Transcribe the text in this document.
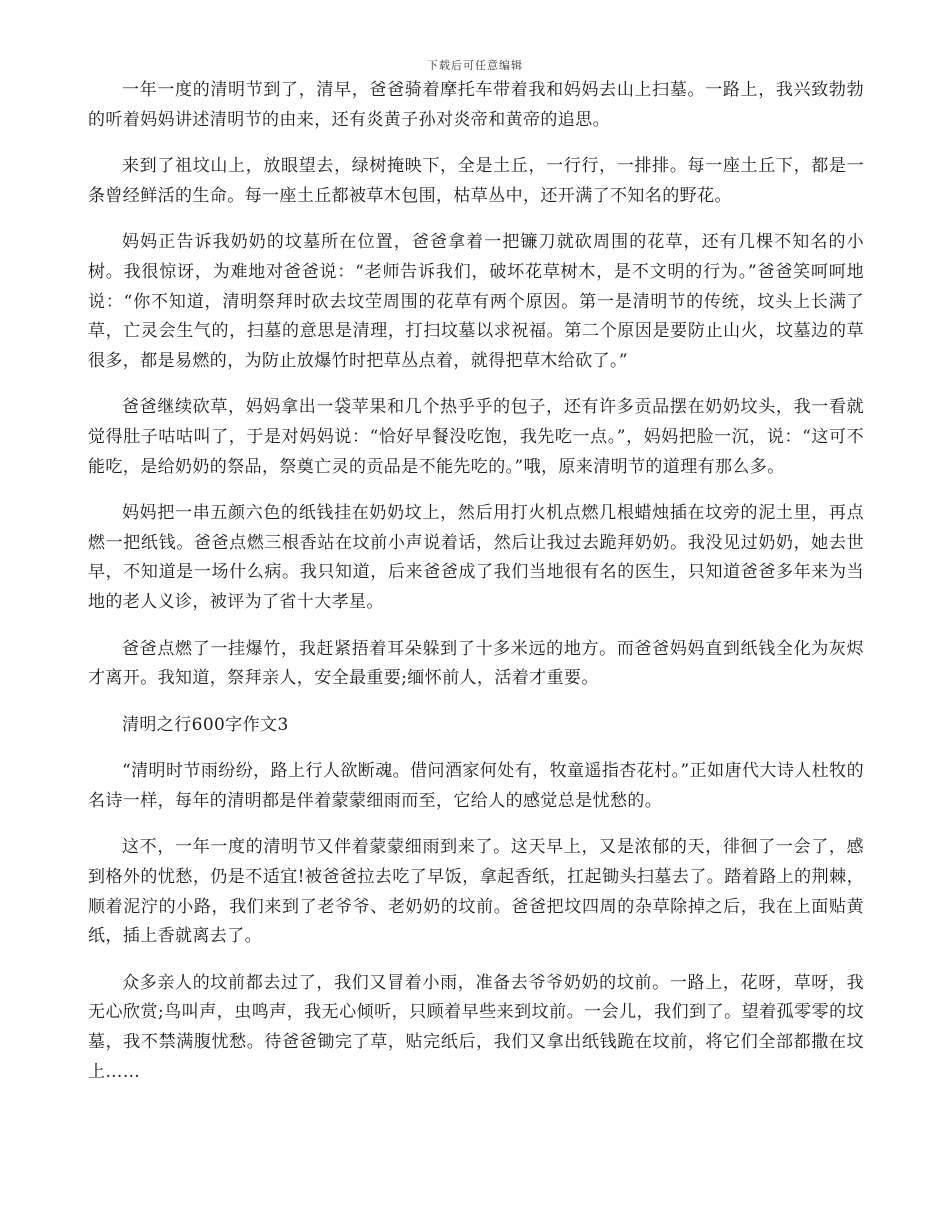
下载后可任意编辑

一年一度的清明节到了，清早，爸爸骑着摩托车带着我和妈妈去山上扫墓。一路上，我兴致勃勃的听着妈妈讲述清明节的由来，还有炎黄子孙对炎帝和黄帝的追思。

来到了祖坟山上，放眼望去，绿树掩映下，全是土丘，一行行，一排排。每一座土丘下，都是一条曾经鲜活的生命。每一座土丘都被草木包围，枯草丛中，还开满了不知名的野花。

妈妈正告诉我奶奶的坟墓所在位置，爸爸拿着一把镰刀就砍周围的花草，还有几棵不知名的小树。我很惊讶，为难地对爸爸说：“老师告诉我们，破坏花草树木，是不文明的行为。”爸爸笑呵呵地说：“你不知道，清明祭拜时砍去坟茔周围的花草有两个原因。第一是清明节的传统，坟头上长满了草，亡灵会生气的，扫墓的意思是清理，打扫坟墓以求祝福。第二个原因是要防止山火，坟墓边的草很多，都是易燃的，为防止放爆竹时把草丛点着，就得把草木给砍了。”

爸爸继续砍草，妈妈拿出一袋苹果和几个热乎乎的包子，还有许多贡品摆在奶奶坟头，我一看就觉得肚子咕咕叫了，于是对妈妈说：“恰好早餐没吃饱，我先吃一点。”，妈妈把脸一沉，说：“这可不能吃，是给奶奶的祭品，祭奠亡灵的贡品是不能先吃的。”哦，原来清明节的道理有那么多。

妈妈把一串五颜六色的纸钱挂在奶奶坟上，然后用打火机点燃几根蜡烛插在坟旁的泥土里，再点燃一把纸钱。爸爸点燃三根香站在坟前小声说着话，然后让我过去跪拜奶奶。我没见过奶奶，她去世早，不知道是一场什么病。我只知道，后来爸爸成了我们当地很有名的医生，只知道爸爸多年来为当地的老人义诊，被评为了省十大孝星。

爸爸点燃了一挂爆竹，我赶紧捂着耳朵躲到了十多米远的地方。而爸爸妈妈直到纸钱全化为灰烬才离开。我知道，祭拜亲人，安全最重要;缅怀前人，活着才重要。

清明之行600字作文3

“清明时节雨纷纷，路上行人欲断魂。借问酒家何处有，牧童遥指杏花村。”正如唐代大诗人杜牧的名诗一样，每年的清明都是伴着蒙蒙细雨而至，它给人的感觉总是忧愁的。

这不，一年一度的清明节又伴着蒙蒙细雨到来了。这天早上，又是浓郁的天，徘徊了一会了，感到格外的忧愁，仍是不适宜!被爸爸拉去吃了早饭，拿起香纸，扛起锄头扫墓去了。踏着路上的荆棘，顺着泥泞的小路，我们来到了老爷爷、老奶奶的坟前。爸爸把坟四周的杂草除掉之后，我在上面贴黄纸，插上香就离去了。

众多亲人的坟前都去过了，我们又冒着小雨，准备去爷爷奶奶的坟前。一路上，花呀，草呀，我无心欣赏;鸟叫声，虫鸣声，我无心倾听，只顾着早些来到坟前。一会儿，我们到了。望着孤零零的坟墓，我不禁满腹忧愁。待爸爸锄完了草，贴完纸后，我们又拿出纸钱跪在坟前，将它们全部都撒在坟上……
